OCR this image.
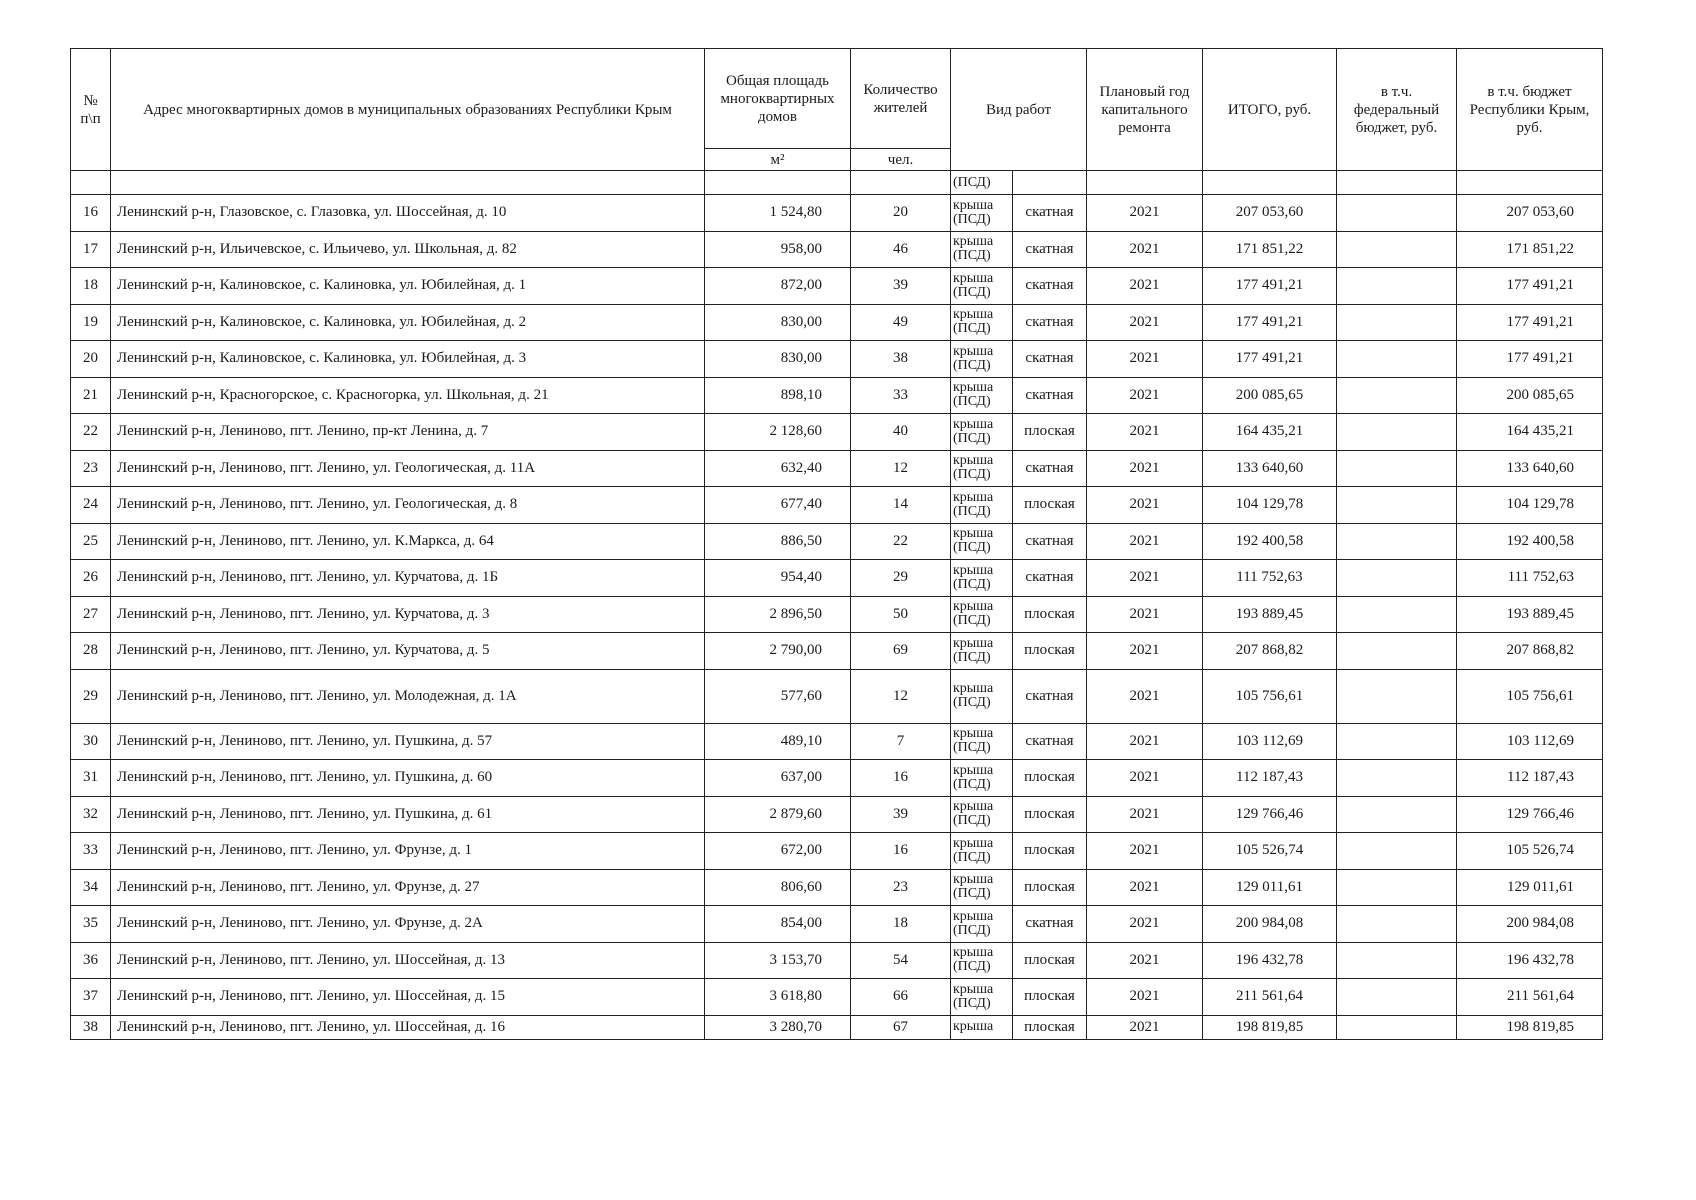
№ п\п	Адрес многоквартирных домов в муниципальных образованиях Республики Крым	Общая площадь многоквартирных домов	Количество жителей	Вид работ		Плановый год капитального ремонта	ИТОГО, руб.	в т.ч. федеральный бюджет, руб.	в т.ч. бюджет Республики Крым, руб.
		м²	чел.						
				(ПСД)					
16	Ленинский р-н, Глазовское, с. Глазовка, ул. Шоссейная, д. 10	1 524,80	20	крыша (ПСД)	скатная	2021	207 053,60		207 053,60
17	Ленинский р-н, Ильичевское, с. Ильичево, ул. Школьная, д. 82	958,00	46	крыша (ПСД)	скатная	2021	171 851,22		171 851,22
18	Ленинский р-н, Калиновское, с. Калиновка, ул. Юбилейная, д. 1	872,00	39	крыша (ПСД)	скатная	2021	177 491,21		177 491,21
19	Ленинский р-н, Калиновское, с. Калиновка, ул. Юбилейная, д. 2	830,00	49	крыша (ПСД)	скатная	2021	177 491,21		177 491,21
20	Ленинский р-н, Калиновское, с. Калиновка, ул. Юбилейная, д. 3	830,00	38	крыша (ПСД)	скатная	2021	177 491,21		177 491,21
21	Ленинский р-н, Красногорское, с. Красногорка, ул. Школьная, д. 21	898,10	33	крыша (ПСД)	скатная	2021	200 085,65		200 085,65
22	Ленинский р-н, Лениново, пгт. Ленино, пр-кт Ленина, д. 7	2 128,60	40	крыша (ПСД)	плоская	2021	164 435,21		164 435,21
23	Ленинский р-н, Лениново, пгт. Ленино, ул. Геологическая, д. 11А	632,40	12	крыша (ПСД)	скатная	2021	133 640,60		133 640,60
24	Ленинский р-н, Лениново, пгт. Ленино, ул. Геологическая, д. 8	677,40	14	крыша (ПСД)	плоская	2021	104 129,78		104 129,78
25	Ленинский р-н, Лениново, пгт. Ленино, ул. К.Маркса, д. 64	886,50	22	крыша (ПСД)	скатная	2021	192 400,58		192 400,58
26	Ленинский р-н, Лениново, пгт. Ленино, ул. Курчатова, д. 1Б	954,40	29	крыша (ПСД)	скатная	2021	111 752,63		111 752,63
27	Ленинский р-н, Лениново, пгт. Ленино, ул. Курчатова, д. 3	2 896,50	50	крыша (ПСД)	плоская	2021	193 889,45		193 889,45
28	Ленинский р-н, Лениново, пгт. Ленино, ул. Курчатова, д. 5	2 790,00	69	крыша (ПСД)	плоская	2021	207 868,82		207 868,82
29	Ленинский р-н, Лениново, пгт. Ленино, ул. Молодежная, д. 1А	577,60	12	крыша (ПСД)	скатная	2021	105 756,61		105 756,61
30	Ленинский р-н, Лениново, пгт. Ленино, ул. Пушкина, д. 57	489,10	7	крыша (ПСД)	скатная	2021	103 112,69		103 112,69
31	Ленинский р-н, Лениново, пгт. Ленино, ул. Пушкина, д. 60	637,00	16	крыша (ПСД)	плоская	2021	112 187,43		112 187,43
32	Ленинский р-н, Лениново, пгт. Ленино, ул. Пушкина, д. 61	2 879,60	39	крыша (ПСД)	плоская	2021	129 766,46		129 766,46
33	Ленинский р-н, Лениново, пгт. Ленино, ул. Фрунзе, д. 1	672,00	16	крыша (ПСД)	плоская	2021	105 526,74		105 526,74
34	Ленинский р-н, Лениново, пгт. Ленино, ул. Фрунзе, д. 27	806,60	23	крыша (ПСД)	плоская	2021	129 011,61		129 011,61
35	Ленинский р-н, Лениново, пгт. Ленино, ул. Фрунзе, д. 2А	854,00	18	крыша (ПСД)	скатная	2021	200 984,08		200 984,08
36	Ленинский р-н, Лениново, пгт. Ленино, ул. Шоссейная, д. 13	3 153,70	54	крыша (ПСД)	плоская	2021	196 432,78		196 432,78
37	Ленинский р-н, Лениново, пгт. Ленино, ул. Шоссейная, д. 15	3 618,80	66	крыша (ПСД)	плоская	2021	211 561,64		211 561,64
38	Ленинский р-н, Лениново, пгт. Ленино, ул. Шоссейная, д. 16	3 280,70	67	крыша	плоская	2021	198 819,85		198 819,85
